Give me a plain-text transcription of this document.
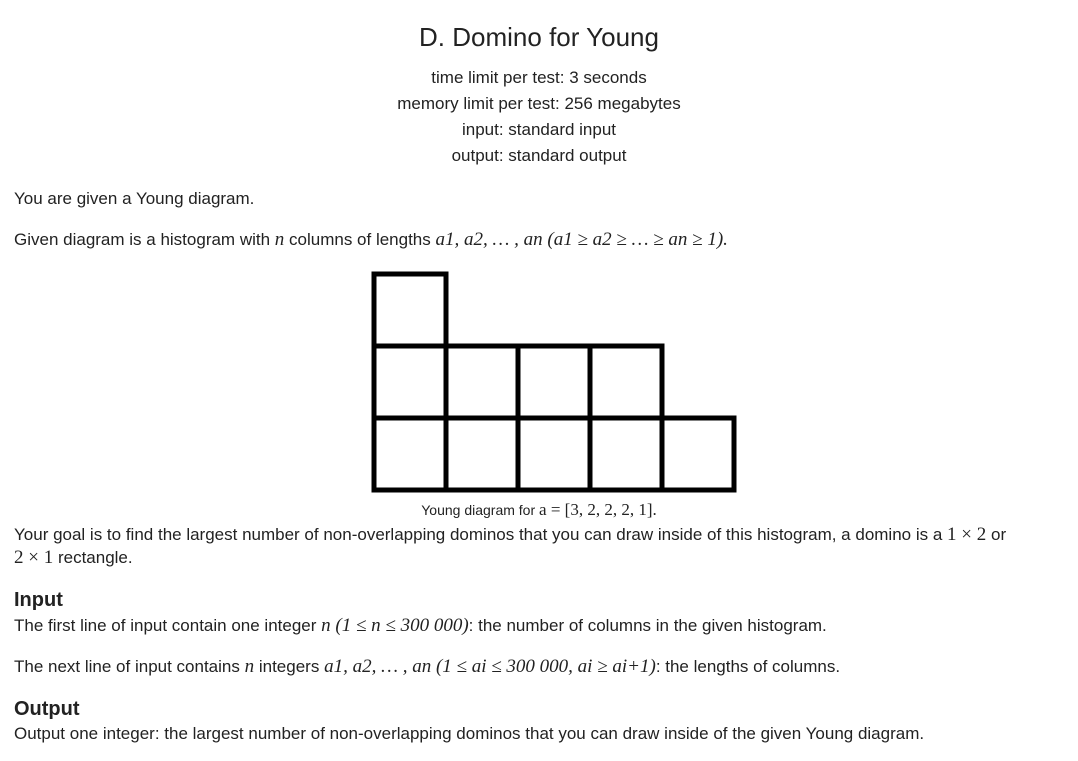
D. Domino for Young
time limit per test: 3 seconds
memory limit per test: 256 megabytes
input: standard input
output: standard output
You are given a Young diagram.
Given diagram is a histogram with n columns of lengths a1, a2, … , an (a1 ≥ a2 ≥ … ≥ an ≥ 1).
Young diagram for a = [3, 2, 2, 2, 1].
Your goal is to find the largest number of non-overlapping dominos that you can draw inside of this histogram, a domino is a 1 × 2 or
2 × 1 rectangle.
Input
The first line of input contain one integer n (1 ≤ n ≤ 300 000): the number of columns in the given histogram.
The next line of input contains n integers a1, a2, … , an (1 ≤ ai ≤ 300 000, ai ≥ ai+1): the lengths of columns.
Output
Output one integer: the largest number of non-overlapping dominos that you can draw inside of the given Young diagram.
